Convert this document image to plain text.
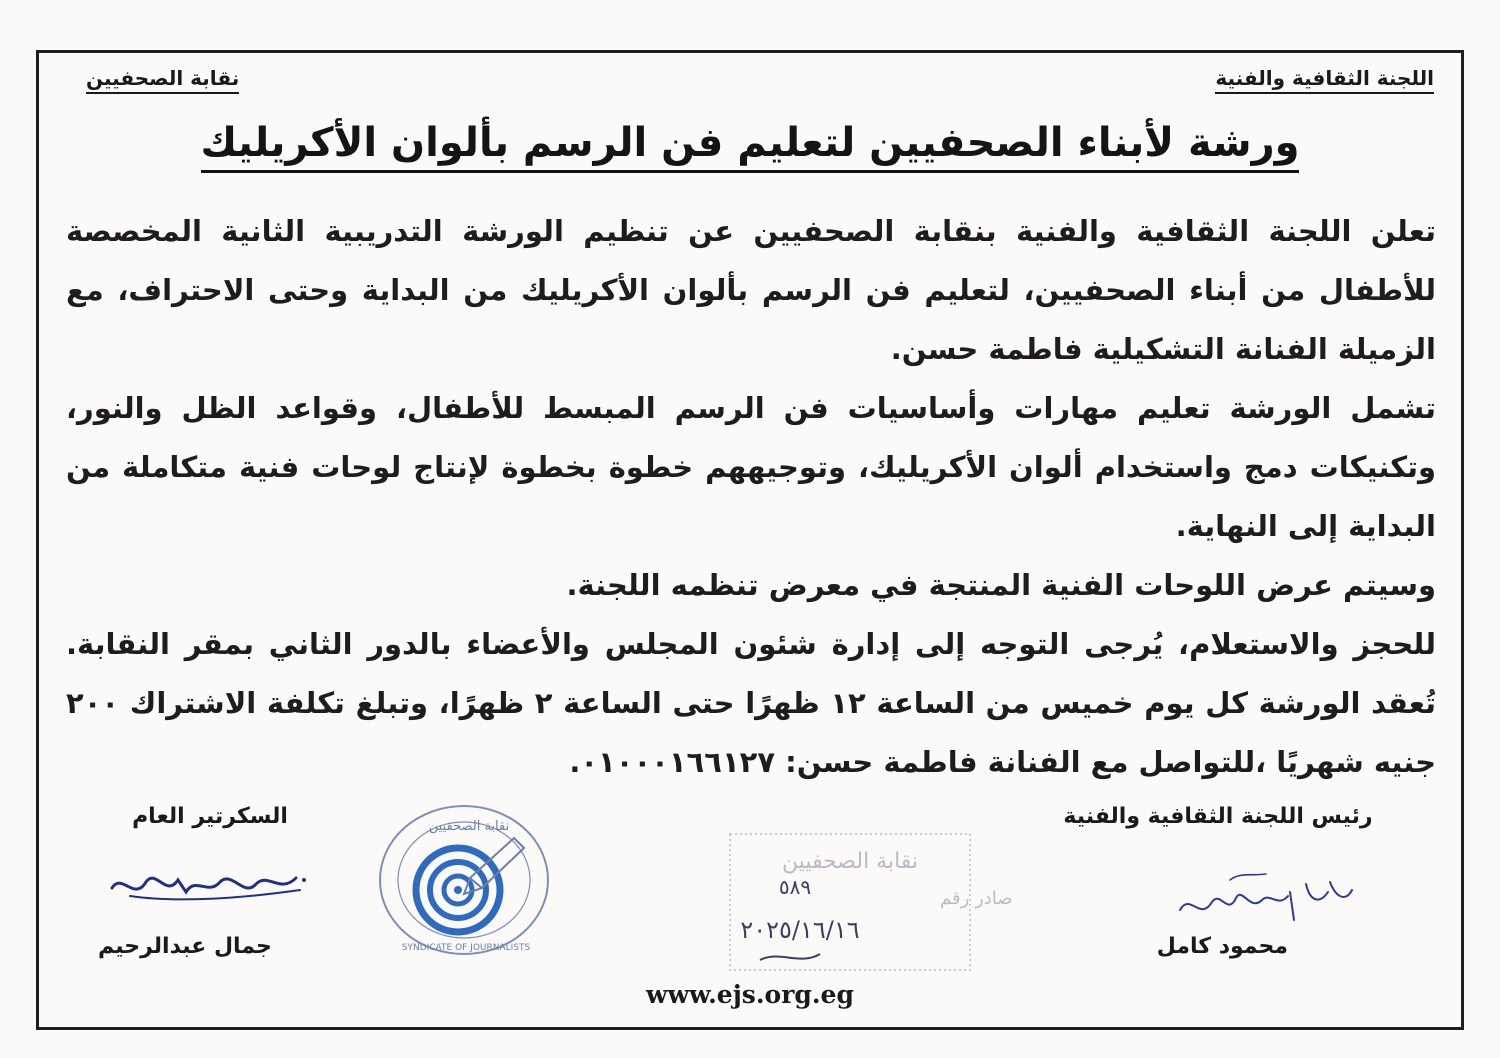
اللجنة الثقافية والفنية
نقابة الصحفيين
ورشة لأبناء الصحفيين لتعليم فن الرسم بألوان الأكريليك

تعلن اللجنة الثقافية والفنية بنقابة الصحفيين عن تنظيم الورشة التدريبية الثانية المخصصة للأطفال من أبناء الصحفيين، لتعليم فن الرسم بألوان الأكريليك من البداية وحتى الاحتراف، مع الزميلة الفنانة التشكيلية فاطمة حسن.

تشمل الورشة تعليم مهارات وأساسيات فن الرسم المبسط للأطفال، وقواعد الظل والنور، وتكنيكات دمج واستخدام ألوان الأكريليك، وتوجيههم خطوة بخطوة لإنتاج لوحات فنية متكاملة من البداية إلى النهاية.

وسيتم عرض اللوحات الفنية المنتجة في معرض تنظمه اللجنة.

للحجز والاستعلام، يُرجى التوجه إلى إدارة شئون المجلس والأعضاء بالدور الثاني بمقر النقابة. تُعقد الورشة كل يوم خميس من الساعة ١٢ ظهرًا حتى الساعة ٢ ظهرًا، وتبلغ تكلفة الاشتراك ٢٠٠ جنيه شهريًا ،للتواصل مع الفنانة فاطمة حسن: ٠١٠٠٠١٦٦١٢٧.

رئيس اللجنة الثقافية والفنية
محمود كامل
السكرتير العام
جمال عبدالرحيم
نقابة الصحفيين
SYNDICATE OF JOURNALISTS
نقابة الصحفيين
صادر رقم
٥٨٩
٢٠٢٥/١٦/١٦
www.ejs.org.eg
